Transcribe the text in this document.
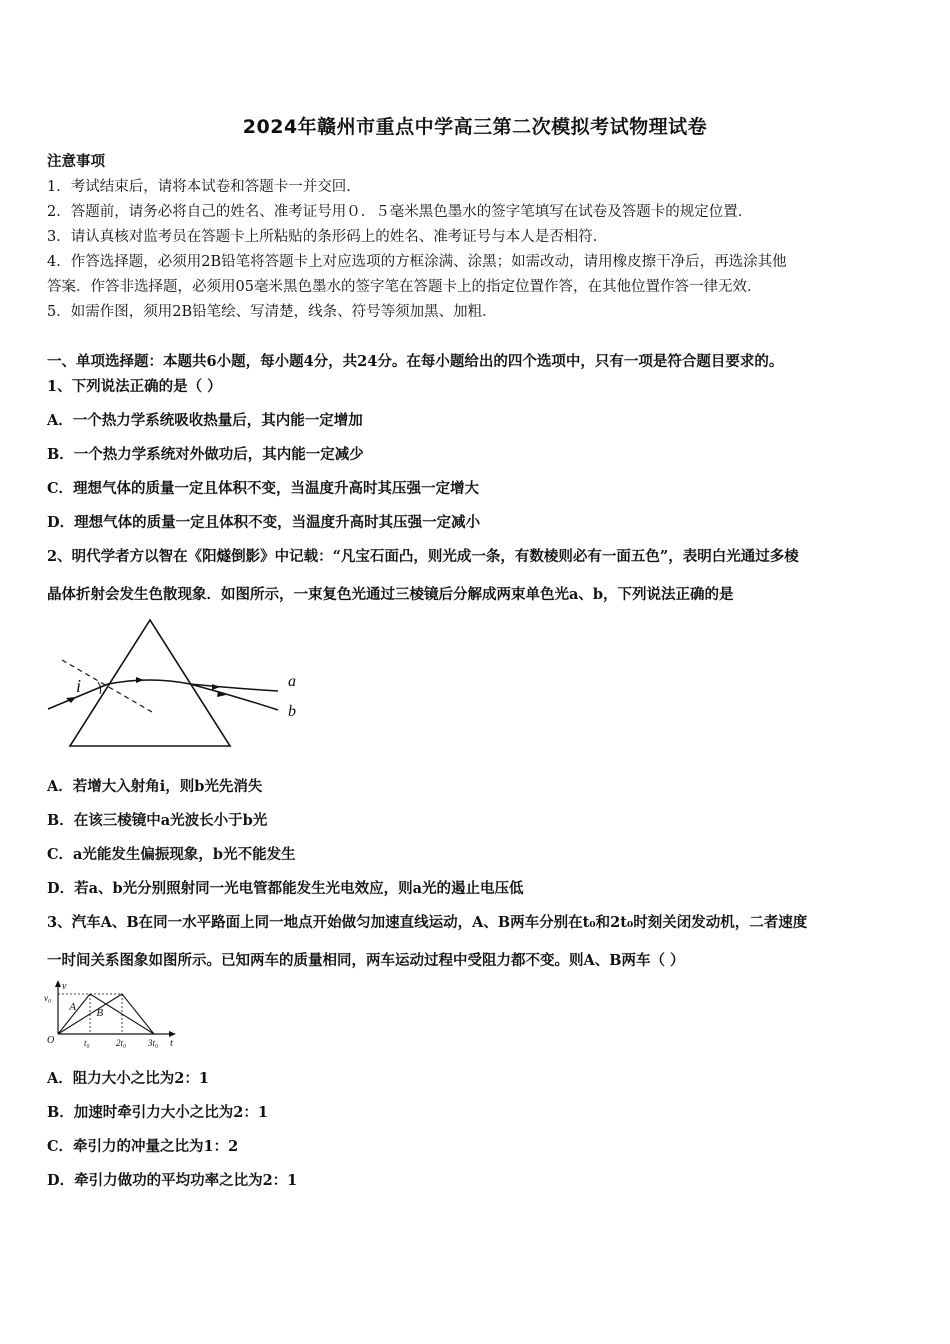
2024年赣州市重点中学高三第二次模拟考试物理试卷
注意事项
1．考试结束后，请将本试卷和答题卡一并交回．
2．答题前，请务必将自己的姓名、准考证号用０．５毫米黑色墨水的签字笔填写在试卷及答题卡的规定位置．
3．请认真核对监考员在答题卡上所粘贴的条形码上的姓名、准考证号与本人是否相符．
4．作答选择题，必须用2B铅笔将答题卡上对应选项的方框涂满、涂黑；如需改动，请用橡皮擦干净后，再选涂其他
答案．作答非选择题，必须用05毫米黑色墨水的签字笔在答题卡上的指定位置作答，在其他位置作答一律无效．
5．如需作图，须用2B铅笔绘、写清楚，线条、符号等须加黑、加粗．
一、单项选择题：本题共6小题，每小题4分，共24分。在每小题给出的四个选项中，只有一项是符合题目要求的。
1、下列说法正确的是（ ）
A．一个热力学系统吸收热量后，其内能一定增加
B．一个热力学系统对外做功后，其内能一定减少
C．理想气体的质量一定且体积不变，当温度升高时其压强一定增大
D．理想气体的质量一定且体积不变，当温度升高时其压强一定减小
2、明代学者方以智在《阳燧倒影》中记载：“凡宝石面凸，则光成一条，有数棱则必有一面五色”，表明白光通过多棱
晶体折射会发生色散现象．如图所示，一束复色光通过三棱镜后分解成两束单色光a、b，下列说法正确的是
i	a
b
A．若增大入射角i，则b光先消失
B．在该三棱镜中a光波长小于b光
C．a光能发生偏振现象，b光不能发生
D．若a、b光分别照射同一光电管都能发生光电效应，则a光的遏止电压低
3、汽车A、B在同一水平路面上同一地点开始做匀加速直线运动，A、B两车分别在t₀和2t₀时刻关闭发动机，二者速度
一时间关系图象如图所示。已知两车的质量相同，两车运动过程中受阻力都不变。则A、B两车（ ）
A B
t₀	2t₀ 3t₀
v
t
O
v₀
A．阻力大小之比为2：1
B．加速时牵引力大小之比为2：1
C．牵引力的冲量之比为1：2
D．牵引力做功的平均功率之比为2：1
